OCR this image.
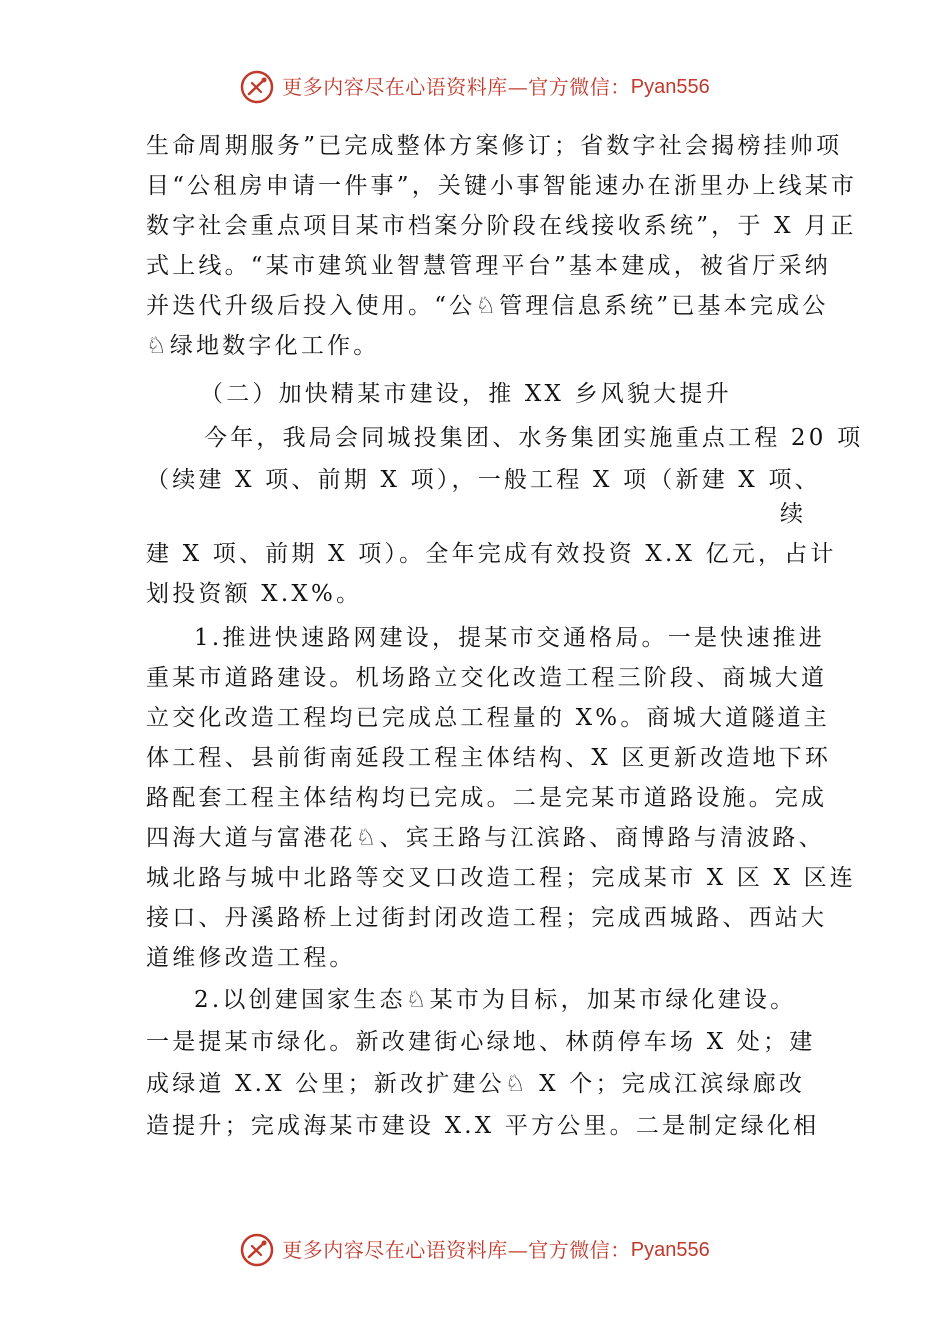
更多内容尽在心语资料库—官方微信： Pyan556
生命周期服务”已完成整体方案修订；省数字社会揭榜挂帅项
目“公租房申请一件事”，关键小事智能速办在浙里办上线某市
数字社会重点项目某市档案分阶段在线接收系统”，于 X 月正
式上线。“某市建筑业智慧管理平台”基本建成，被省厅采纳
并迭代升级后投入使用。“公♘管理信息系统”已基本完成公
♘绿地数字化工作。
（二）加快精某市建设，推 XX 乡风貌大提升
今年，我局会同城投集团、水务集团实施重点工程 20 项
（续建 X 项、前期 X 项），一般工程 X 项（新建 X 项、
续
建 X 项、前期 X 项）。全年完成有效投资 X.X 亿元，占计
划投资额 X.X%。
1.推进快速路网建设，提某市交通格局。一是快速推进
重某市道路建设。机场路立交化改造工程三阶段、商城大道
立交化改造工程均已完成总工程量的 X%。商城大道隧道主
体工程、县前街南延段工程主体结构、X 区更新改造地下环
路配套工程主体结构均已完成。二是完某市道路设施。完成
四海大道与富港花♘、宾王路与江滨路、商博路与清波路、
城北路与城中北路等交叉口改造工程；完成某市 X 区 X 区连
接口、丹溪路桥上过街封闭改造工程；完成西城路、西站大
道维修改造工程。
2.以创建国家生态♘某市为目标，加某市绿化建设。
一是提某市绿化。新改建街心绿地、林荫停车场 X 处；建
成绿道 X.X 公里；新改扩建公♘ X 个；完成江滨绿廊改
造提升；完成海某市建设 X.X 平方公里。二是制定绿化相
更多内容尽在心语资料库—官方微信： Pyan556
